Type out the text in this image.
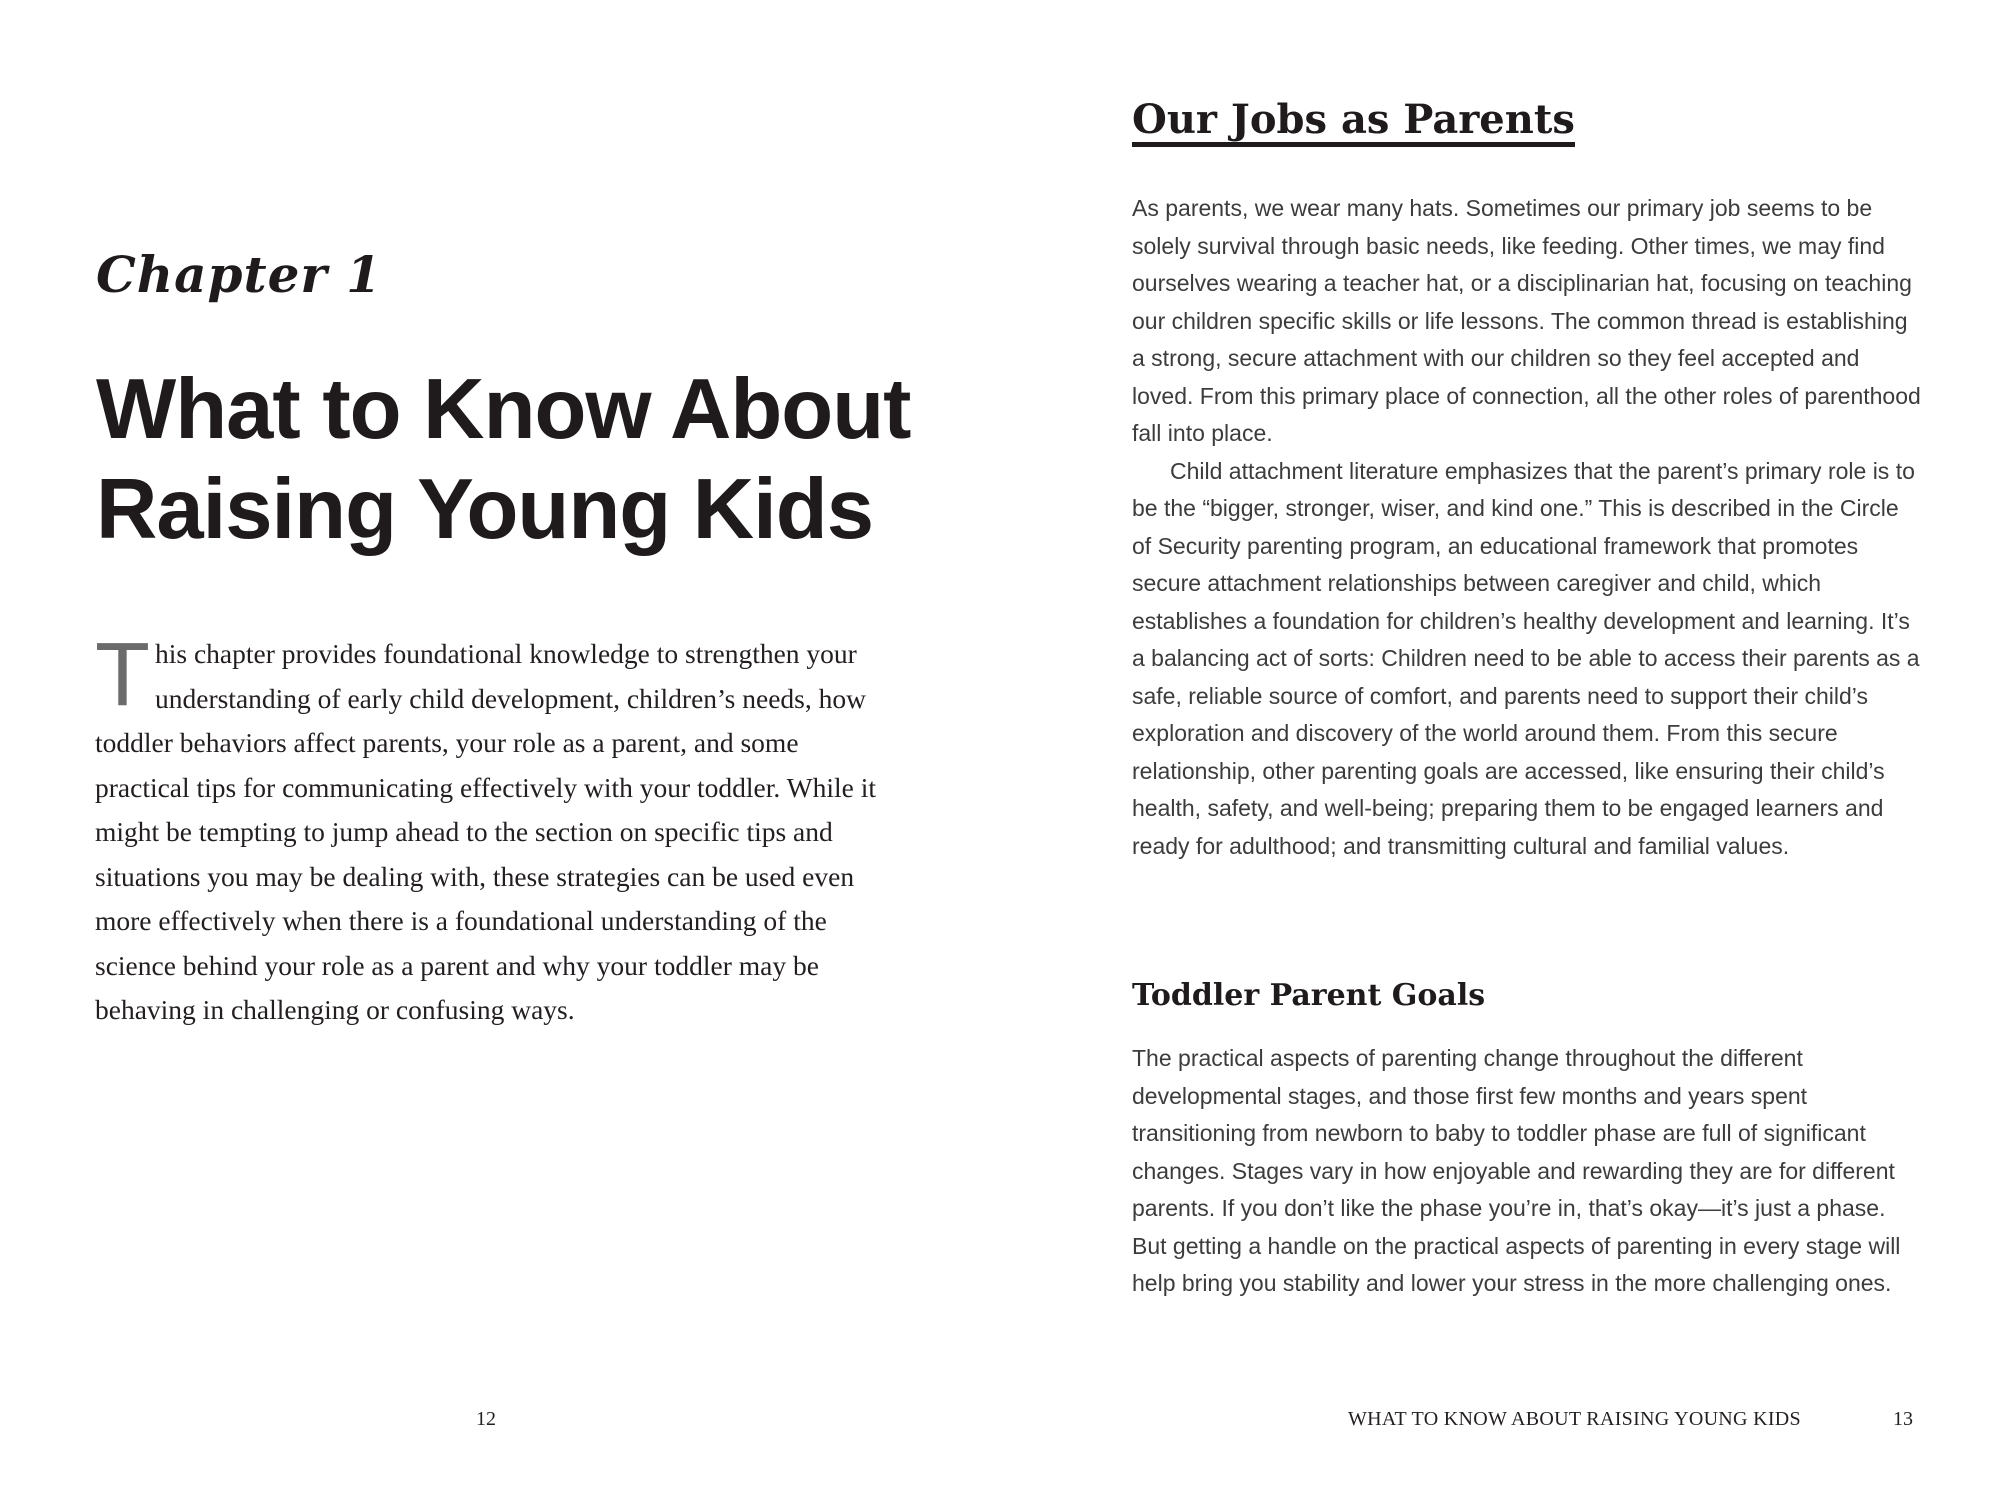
Chapter 1
What to Know About
Raising Young Kids

This chapter provides foundational knowledge to strengthen your understanding of early child development, children’s needs, how toddler behaviors affect parents, your role as a parent, and some practical tips for communicating effectively with your toddler. While it might be tempting to jump ahead to the section on specific tips and situations you may be dealing with, these strategies can be used even more effectively when there is a foundational understanding of the science behind your role as a parent and why your toddler may be behaving in challenging or confusing ways.

12
Our Jobs as Parents

As parents, we wear many hats. Sometimes our primary job seems to be solely survival through basic needs, like feeding. Other times, we may find ourselves wearing a teacher hat, or a disciplinarian hat, focusing on teaching our children specific skills or life lessons. The common thread is establishing a strong, secure attachment with our children so they feel accepted and loved. From this primary place of connection, all the other roles of parenthood fall into place.

Child attachment literature emphasizes that the parent’s primary role is to be the “bigger, stronger, wiser, and kind one.” This is described in the Circle of Security parenting program, an educational framework that promotes secure attachment relationships between caregiver and child, which establishes a foundation for children’s healthy development and learning. It’s a balancing act of sorts: Children need to be able to access their parents as a safe, reliable source of comfort, and parents need to support their child’s exploration and discovery of the world around them. From this secure relationship, other parenting goals are accessed, like ensuring their child’s health, safety, and well-being; preparing them to be engaged learners and ready for adulthood; and transmitting cultural and familial values.

Toddler Parent Goals

The practical aspects of parenting change throughout the different developmental stages, and those first few months and years spent transitioning from newborn to baby to toddler phase are full of significant changes. Stages vary in how enjoyable and rewarding they are for different parents. If you don’t like the phase you’re in, that’s okay—it’s just a phase. But getting a handle on the practical aspects of parenting in every stage will help bring you stability and lower your stress in the more challenging ones.

WHAT TO KNOW ABOUT RAISING YOUNG KIDS	13
